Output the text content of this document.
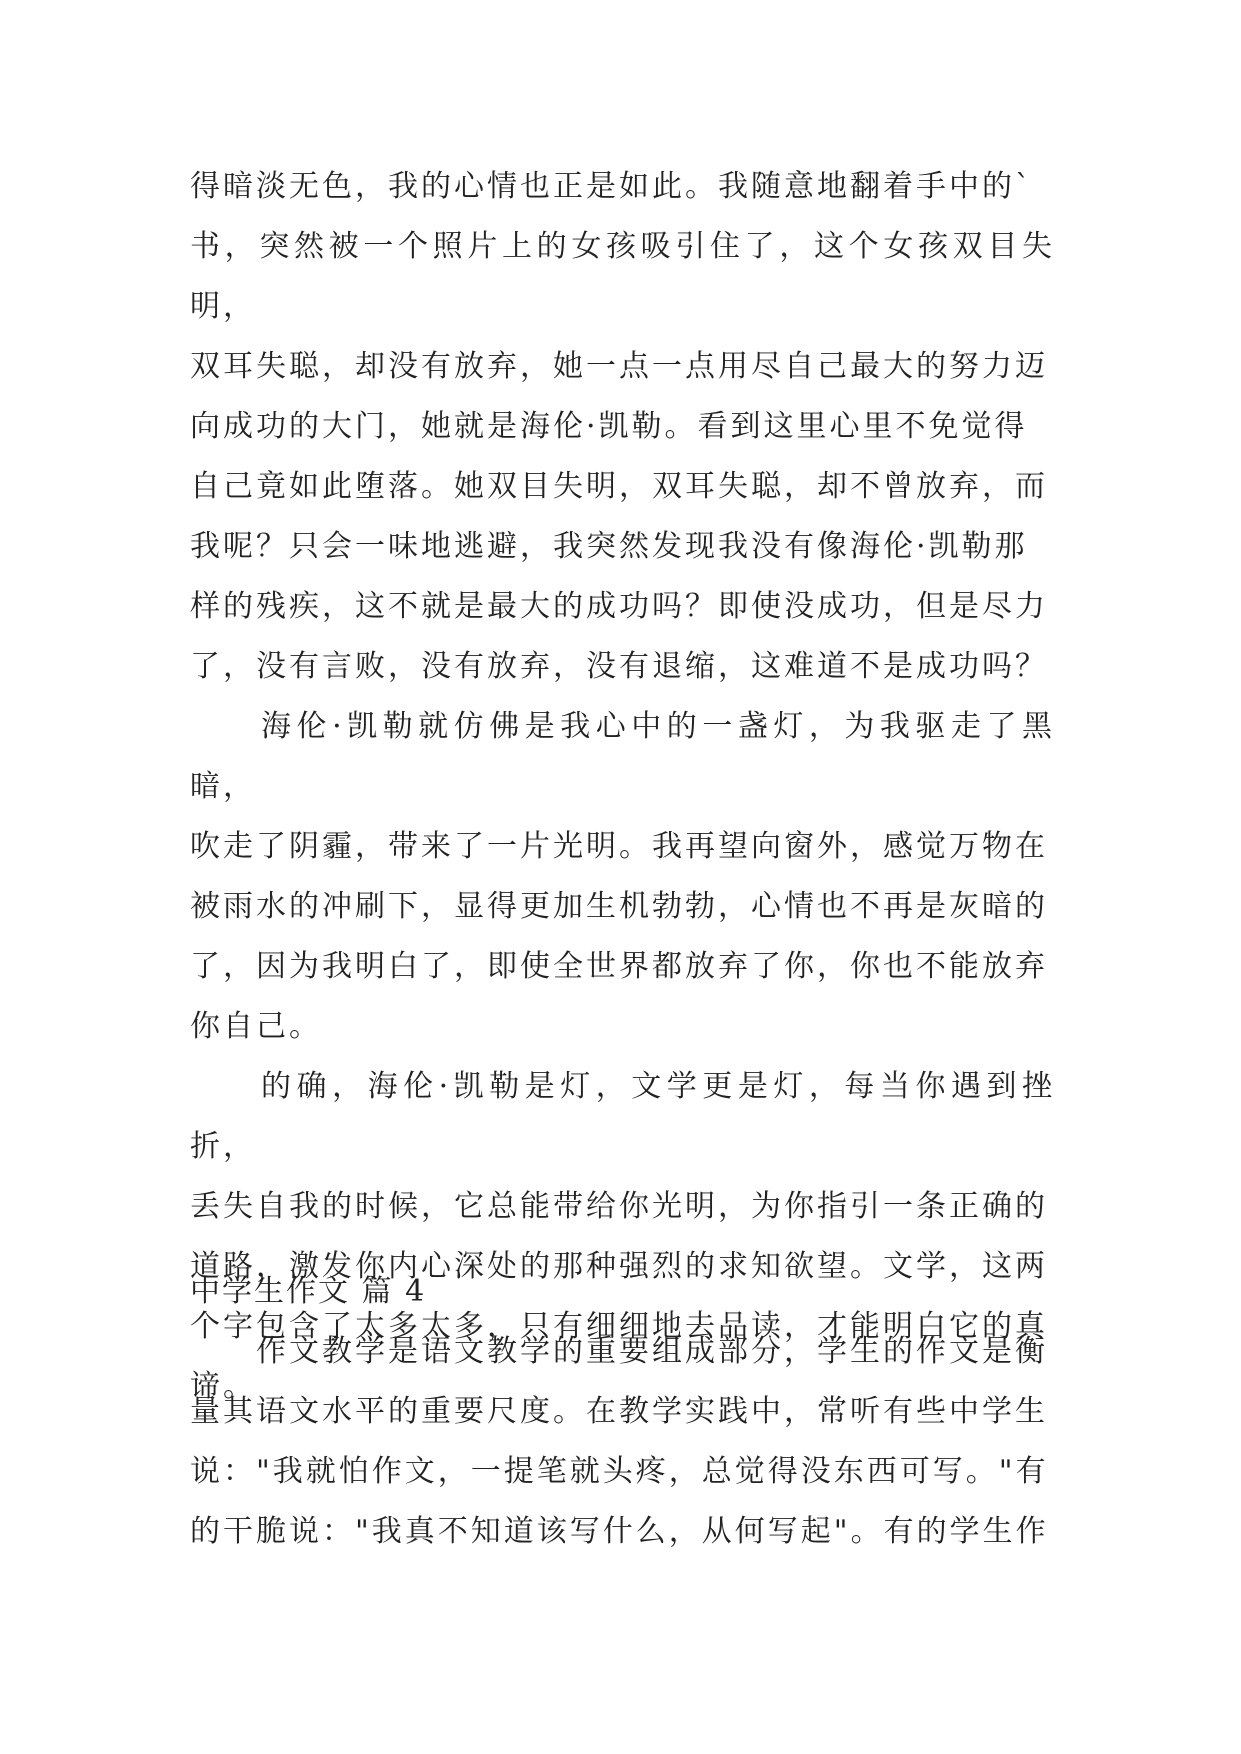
得暗淡无色，我的心情也正是如此。我随意地翻着手中的`

书，突然被一个照片上的女孩吸引住了，这个女孩双目失明，

双耳失聪，却没有放弃，她一点一点用尽自己最大的努力迈

向成功的大门，她就是海伦·凯勒。看到这里心里不免觉得

自己竟如此堕落。她双目失明，双耳失聪，却不曾放弃，而

我呢？只会一味地逃避，我突然发现我没有像海伦·凯勒那

样的残疾，这不就是最大的成功吗？即使没成功，但是尽力

了，没有言败，没有放弃，没有退缩，这难道不是成功吗？

　　海伦·凯勒就仿佛是我心中的一盏灯，为我驱走了黑暗，

吹走了阴霾，带来了一片光明。我再望向窗外，感觉万物在

被雨水的冲刷下，显得更加生机勃勃，心情也不再是灰暗的

了，因为我明白了，即使全世界都放弃了你，你也不能放弃

你自己。

　　的确，海伦·凯勒是灯，文学更是灯，每当你遇到挫折，

丢失自我的时候，它总能带给你光明，为你指引一条正确的

道路，激发你内心深处的那种强烈的求知欲望。文学，这两

个字包含了太多太多，只有细细地去品读，才能明白它的真

谛。

中学生作文 篇 4

　　作文教学是语文教学的重要组成部分，学生的作文是衡

量其语文水平的重要尺度。在教学实践中，常听有些中学生

说："我就怕作文，一提笔就头疼，总觉得没东西可写。"有

的干脆说："我真不知道该写什么，从何写起"。有的学生作
